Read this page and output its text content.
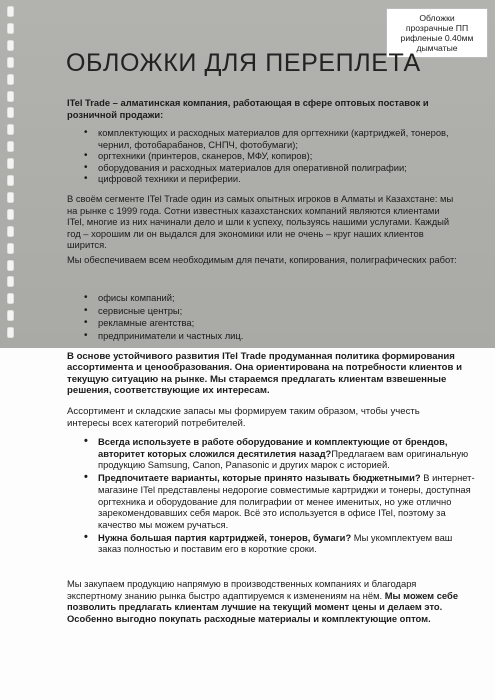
Обложки
прозрачные ПП
рифленые 0.40мм
дымчатые
ОБЛОЖКИ ДЛЯ ПЕРЕПЛЕТА
ITel Trade – алматинская компания, работающая в сфере оптовых поставок и розничной продажи:
• комплектующих и расходных материалов для оргтехники (картриджей, тонеров, чернил, фотобарабанов, СНПЧ, фотобумаги);
• оргтехники (принтеров, сканеров, МФУ, копиров);
• оборудования и расходных материалов для оперативной полиграфии;
• цифровой техники и периферии.
В своём сегменте ITel Trade один из самых опытных игроков в Алматы и Казахстане: мы на рынке с 1999 года. Сотни известных казахстанских компаний являются клиентами ITel, многие из них начинали дело и шли к успеху, пользуясь нашими услугами. Каждый год – хорошим ли он выдался для экономики или не очень – круг наших клиентов ширится.
Мы обеспечиваем всем необходимым для печати, копирования, полиграфических работ:
• офисы компаний;
• сервисные центры;
• рекламные агентства;
• предприниматели и частных лиц.
В основе устойчивого развития ITel Trade продуманная политика формирования ассортимента и ценообразования. Она ориентирована на потребности клиентов и текущую ситуацию на рынке. Мы стараемся предлагать клиентам взвешенные решения, соответствующие их интересам.
Ассортимент и складские запасы мы формируем таким образом, чтобы учесть интересы всех категорий потребителей.
• Всегда используете в работе оборудование и комплектующие от брендов, авторитет которых сложился десятилетия назад?Предлагаем вам оригинальную продукцию Samsung, Canon, Panasonic и других марок с историей.
• Предпочитаете варианты, которые принято называть бюджетными? В интернет-магазине ITel представлены недорогие совместимые картриджи и тонеры, доступная оргтехника и оборудование для полиграфии от менее именитых, но уже отлично зарекомендовавших себя марок. Всё это используется в офисе ITel, поэтому за качество мы можем ручаться.
• Нужна большая партия картриджей, тонеров, бумаги? Мы укомплектуем ваш заказ полностью и поставим его в короткие сроки.
Мы закупаем продукцию напрямую в производственных компаниях и благодаря экспертному знанию рынка быстро адаптируемся к изменениям на нём. Мы можем себе позволить предлагать клиентам лучшие на текущий момент цены и делаем это. Особенно выгодно покупать расходные материалы и комплектующие оптом.
